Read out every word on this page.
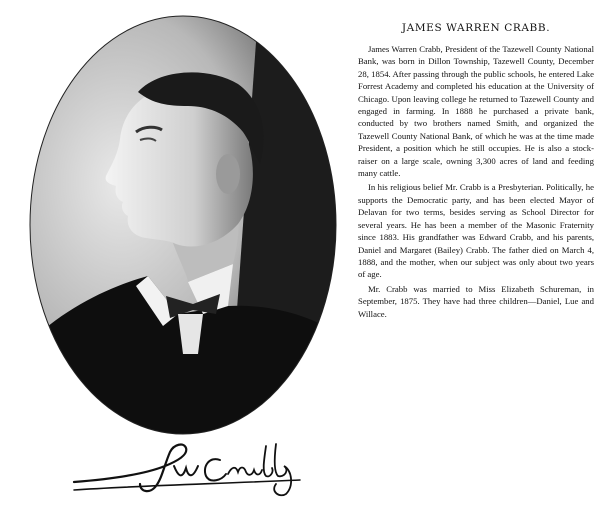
JAMES WARREN CRABB.

James Warren Crabb, President of the Tazewell County National Bank, was born in Dillon Township, Tazewell County, December 28, 1854. After passing through the public schools, he entered Lake Forrest Academy and completed his education at the University of Chicago. Upon leaving college he returned to Tazewell County and engaged in farming. In 1888 he purchased a private bank, conducted by two brothers named Smith, and organized the Tazewell County National Bank, of which he was at the time made President, a position which he still occupies. He is also a stock-raiser on a large scale, owning 3,300 acres of land and feeding many cattle.

In his religious belief Mr. Crabb is a Presbyterian. Politically, he supports the Democratic party, and has been elected Mayor of Delavan for two terms, besides serving as School Director for several years. He has been a member of the Masonic Fraternity since 1883. His grandfather was Edward Crabb, and his parents, Daniel and Margaret (Bailey) Crabb. The father died on March 4, 1888, and the mother, when our subject was only about two years of age.

Mr. Crabb was married to Miss Elizabeth Schureman, in September, 1875. They have had three children—Daniel, Lue and Willace.
